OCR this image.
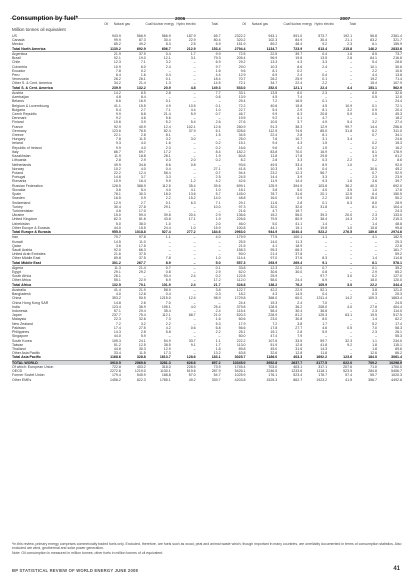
Consumption by fuel*
Million tonnes oil equivalent
2006	2007
Oil	Natural gas	Coal Nuclear energy Hydro electric	Total	Oil	Natural gas	Coal Nuclear energy Hydro electric	Total
US	943.9	566.9	566.9	187.9	65.7	2322.2		943.1	591.0	573.7	192.1	56.8	2361.4
Canada	99.9	87.3	30.4	22.9	80.4	320.2		102.3	84.9	30.4	21.1	83.2	321.7
Mexico	85.2	49.2	8.3	2.5	6.9	151.9		89.2	48.4	9.2	2.3	6.1	155.9
Total North America	1130.2	692.9	606.7	212.9	153.4	2794.4		1134.7	723.9	613.4	215.8	146.2	2833.6
Argentina	21.9	37.9	0.4	1.7	9.9	72.5		22.5	39.7	0.4	1.6	8.5	73.7
Brazil	92.1	19.0	12.1	3.1	79.3	205.4		96.9	19.8	13.5	2.8	84.1	216.8
Chile	12.3	7.1	3.2	–	6.9	29.2		13.3	4.3	3.3	–	5.4	28.6
Colombia	10.9	6.0	2.4	–	9.7	29.0		10.3	6.6	2.4	–	10.1	30.6
Ecuador	7.8	0.2	–	–	1.6	9.6		8.1	0.2	–	–	2.2	10.6
Peru	6.4	1.6	0.4	–	4.4	12.9		6.9	2.4	0.4	–	4.4	13.8
Venezuela	26.2	26.1	0.1	–	18.4	70.7		26.2	25.9	0.1	–	19.2	71.4
Other S. & Cent. America	34.2	21.4	1.3	–	14.5	72.1		34.7	22.4	2.2	–	15.4	107.9
Total S. & Cent. America	239.9	132.2	20.9	4.8	149.3	533.0		252.0	121.1	22.4	4.4	153.1	562.9
Austria	14.2	8.5	2.8	–	7.7	33.1		13.5	8.0	2.3	–	8.0	32.6
Azerbaijan	4.8	8.4	–	–	0.6	13.9		4.5	7.4	–	–	0.5	12.6
Belarus	8.6	16.9	0.1	–	–	25.4		7.2	16.5	0.1	–	–	24.4
Belgium & Luxembourg	41.1	15.5	4.9	10.5	0.1	72.2		40.6	15.8	4.5	10.9	0.1	72.1
Bulgaria	5.4	2.7	7.1	4.4	1.0	22.7		5.4	2.9	8.1	3.2	0.9	20.4
Czech Republic	9.9	8.8	21.4	5.9	0.7	46.7		9.9	8.3	20.8	5.9	0.5	45.3
Denmark	9.2	4.6	5.6	–	–	19.5		9.2	4.1	4.7	–	–	18.2
Finland	10.6	3.9	5.2	5.4	2.6	27.6		10.5	3.7	4.9	5.4	3.2	27.4
France	92.9	40.9	12.4	102.1	12.6	260.9		91.3	38.3	12.9	99.7	14.4	256.6
Germany	123.6	78.5	82.4	37.9	6.1	328.6		112.5	74.6	85.0	31.8	6.2	311.0
Greece	22.1	2.8	8.1	–	1.5	34.5		22.4	2.8	8.1	–	0.7	34.1
Hungary	7.8	11.5	3.2	3.0	–	25.0		7.6	10.7	3.1	3.4	–	24.6
Ireland	9.3	4.0	1.6	–	0.2	15.1		9.4	4.3	1.5	–	0.2	15.3
Republic of Ireland	9.9	4.0	2.3	–	0.2	16.6		9.6	4.2	1.5	–	0.2	16.2
Italy	86.7	69.7	17.2	–	8.4	182.2		83.8	70.0	16.9	–	8.1	178.9
Kazakhstan	11.9	18.8	28.1	–	1.9	60.8		11.8	17.8	29.8	–	1.9	61.2
Lithuania	2.8	2.9	0.3	2.0	0.2	8.2		2.8	3.3	0.3	2.2	0.2	8.6
Netherlands	49.9	34.8	8.6	0.8	–	93.6		49.5	33.4	8.9	1.0	–	92.0
Norway	10.2	4.0	0.4	–	27.1	41.8		10.3	3.9	0.4	–	30.6	45.2
Poland	22.2	12.4	58.4	–	0.7	94.4		23.2	12.3	56.7	–	0.7	92.9
Portugal	14.6	3.7	3.3	–	2.5	24.5		14.4	3.9	3.3	–	2.3	23.9
Romania	10.9	16.4	9.9	1.2	4.2	42.6		11.9	14.4	9.3	1.6	3.6	39.7
Russian Federation	128.5	388.9	112.5	35.4	39.6	699.1		125.9	394.9	103.8	36.2	40.3	692.0
Slovakia	3.6	5.4	4.0	4.1	1.0	18.1		3.8	5.0	4.0	3.5	1.0	17.6
Spain	78.1	30.3	18.0	13.6	5.7	145.0		78.7	31.6	20.1	12.5	6.4	150.5
Sweden	16.5	0.9	2.2	15.2	14.0	48.8		16.0	0.9	2.2	15.0	15.0	50.2
Switzerland	12.9	2.7	0.1	6.3	7.1	29.1		11.6	2.8	0.1	6.3	8.0	28.9
Turkey	30.4	27.8	29.1	–	10.0	97.3		32.0	32.6	31.8	–	8.1	104.4
Turkmenistan	4.6	17.0	–	–	–	21.6		4.7	19.7	–	–	–	24.3
Ukraine	15.0	59.4	39.8	20.4	2.9	136.6		15.2	56.0	39.3	20.0	2.3	133.0
United Kingdom	82.3	81.6	43.8	17.1	1.9	226.6		79.5	80.9	38.4	14.3	2.3	215.3
Uzbekistan	5.0	38.0	1.0	–	2.0	46.0		5.0	41.1	1.4	–	1.4	48.8
Other Europe & Eurasia	44.0	15.5	24.4	1.0	15.9	100.8		44.1	15.1	19.8	1.0	15.8	95.8
Total Europe & Eurasia	955.0	1018.8	527.4	277.2	184.6	2963.0		944.9	1040.4	523.2	276.5	189.6	2974.6
Iran	79.7	97.8	1.1	–	4.0	179.9		77.5	100.1	1.1	–	4.1	182.9
Kuwait	14.5	11.0	–	–	–	25.5		14.0	11.3	–	–	–	25.3
Qatar	3.6	17.8	–	–	–	21.5		4.1	18.9	–	–	–	22.6
Saudi Arabia	92.0	66.3	–	–	–	158.3		95.3	66.3	–	–	–	161.7
United Arab Emirates	21.6	37.5	–	–	–	59.0		21.4	37.8	–	–	–	59.2
Other Middle East	89.8	37.5	7.8	–	1.0	114.4		97.0	37.6	8.3	–	1.4	114.8
Total Middle East	301.2	267.7	8.9	–	5.0	557.3		293.9	269.4	9.1	–	6.1	578.1
Algeria	11.3	21.4	0.7	–	0.1	33.8		12.3	22.0	0.7	–	0.1	35.2
Egypt	29.1	29.2	0.8	–	2.9	62.0		30.6	30.0	0.8	–	2.9	65.2
South Africa	26.1	–	93.4	2.4	0.2	122.8		25.9	–	97.7	3.0	0.2	127.0
Other Africa	55.1	22.9	6.9	–	17.2	112.0		58.0	24.4	6.9	–	18.0	120.0
Total Africa	132.5	70.1	101.9	2.4	21.7	328.8		138.2	76.2	105.9	3.0	22.2	344.4
Australia	41.4	21.9	58.9	–	3.8	122.7		42.2	22.9	52.1	–	3.8	121.0
Bangladesh	4.0	12.6	0.4	–	0.3	18.2		4.3	14.5	0.4	–	0.3	20.3
China	353.2	50.5	1215.0	12.4	98.9	1729.8		368.0	60.0	1311.4	14.2	109.3	1863.4
China Hong Kong SAR	14.8	2.6	7.0	–	–	24.4		15.3	2.4	7.0	–	–	24.5
India	123.4	36.9	195.1	4.0	25.4	379.8		128.5	36.2	208.0	4.0	27.8	404.4
Indonesia	57.1	29.4	35.4	–	2.4	115.4		58.4	30.4	36.8	–	2.3	114.0
Japan	237.7	75.4	112.1	68.7	21.0	520.3		228.9	81.2	125.3	63.1	19.5	517.5
Malaysia	22.3	32.6	7.3	–	1.6	60.6		23.0	30.8	8.0	–	1.4	62.2
New Zealand	7.2	3.2	2.2	–	5.3	17.9		7.2	3.8	1.7	–	5.2	17.4
Pakistan	17.4	27.5	4.2	0.6	6.8	56.6		17.8	27.7	4.6	0.5	7.0	58.3
Philippines	14.3	2.8	5.8	–	2.2	25.1		15.1	2.8	5.9	–	2.3	26.1
Singapore	44.0	5.9	–	–	–	50.0		47.4	7.9	–	–	–	55.3
South Korea	105.3	24.1	54.9	33.7	1.1	222.2		107.6	33.5	59.7	32.3	1.1	234.0
Taiwan	51.2	12.5	38.5	9.1	1.7	113.0		51.9	12.8	41.8	9.2	1.8	115.1
Thailand	44.8	30.3	12.9	–	1.8	89.8		45.0	31.6	14.3	–	1.8	89.6
Other Asia Pacific	33.4	11.5	17.3	–	13.2	63.8		32.6	12.8	11.8	–	12.6	66.2
Total Asia Pacific	1168.6	328.8	1613.7	128.6	183.1	3025.7		1186.0	403.3	1692.2	123.6	184.0	3061.4
TOTAL WORLD	3910.5	2569.8	3281.3	626.6	697.2	10345.0		3952.8	2637.7	3177.5	622.0	709.2	10298.9
Of which: European Union	722.8	403.2	318.0	228.5	73.9	1745.4		703.0	403.1	317.1	207.6	71.0	1700.0
OECD	2272.6	1219.0	1130.1	519.6	287.9	5426.1		2246.5	1233.6	1118.1	523.5	284.8	5406.7
Former Soviet Union	179.4	545.9	188.8	57.0	54.7	1025.9		176.1	523.4	178.7	57.4	55.7	1020.3
Other EMEs	1458.2	822.3	1785.1	49.2	339.7	4203.8		1525.3	862.7	1923.2	41.5	358.7	4492.8
*In this review, primary energy comprises commercially traded fuels only. Excluded, therefore, are fuels such as wood, peat and animal waste which, though important in many countries, are unreliably documented in terms of consumption statistics. Also excluded are wind, geothermal and solar power generation.
Note: Oil consumption is measured in million tonnes; other fuels in million tonnes of oil equivalent.
BP STATISTICAL REVIEW OF WORLD ENERGY JUNE 2008	41
